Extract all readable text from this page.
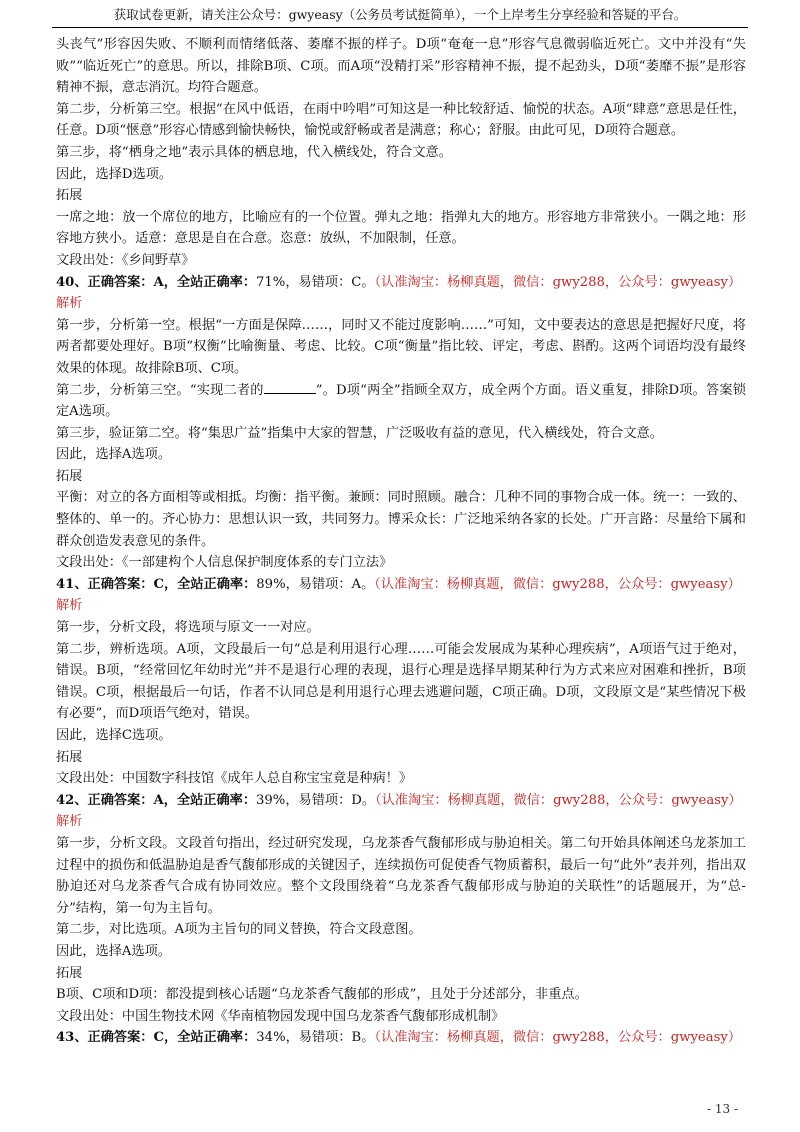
获取试卷更新，请关注公众号：gwyeasy（公务员考试挺简单），一个上岸考生分享经验和答疑的平台。

头丧气”形容因失败、不顺利而情绪低落、萎靡不振的样子。D项“奄奄一息”形容气息微弱临近死亡。文中并没有“失败”“临近死亡”的意思。所以，排除B项、C项。而A项“没精打采”形容精神不振，提不起劲头，D项“萎靡不振”是形容精神不振，意志消沉。均符合题意。

第二步，分析第三空。根据“在风中低语，在雨中吟唱”可知这是一种比较舒适、愉悦的状态。A项“肆意”意思是任性，任意。D项“惬意”形容心情感到愉快畅快，愉悦或舒畅或者是满意；称心；舒服。由此可见，D项符合题意。

第三步，将“栖身之地”表示具体的栖息地，代入横线处，符合文意。

因此，选择D选项。

拓展

一席之地：放一个席位的地方，比喻应有的一个位置。弹丸之地：指弹丸大的地方。形容地方非常狭小。一隅之地：形容地方狭小。适意：意思是自在合意。恣意：放纵，不加限制，任意。

文段出处：《乡间野草》

40、正确答案：A，全站正确率：71%，易错项：C。（认准淘宝：杨柳真题，微信：gwy288，公众号：gwyeasy）

解析

第一步，分析第一空。根据“一方面是保障……，同时又不能过度影响……”可知，文中要表达的意思是把握好尺度，将两者都要处理好。B项“权衡”比喻衡量、考虑、比较。C项“衡量”指比较、评定，考虑、斟酌。这两个词语均没有最终效果的体现。故排除B项、C项。

第二步，分析第三空。“实现二者的	”。D项“两全”指顾全双方，成全两个方面。语义重复，排除D项。答案锁定A选项。

第三步，验证第二空。将“集思广益”指集中大家的智慧，广泛吸收有益的意见，代入横线处，符合文意。

因此，选择A选项。

拓展

平衡：对立的各方面相等或相抵。均衡：指平衡。兼顾：同时照顾。融合：几种不同的事物合成一体。统一：一致的、整体的、单一的。齐心协力：思想认识一致，共同努力。博采众长：广泛地采纳各家的长处。广开言路：尽量给下属和群众创造发表意见的条件。

文段出处：《一部建构个人信息保护制度体系的专门立法》

41、正确答案：C，全站正确率：89%，易错项：A。（认准淘宝：杨柳真题，微信：gwy288，公众号：gwyeasy）

解析

第一步，分析文段，将选项与原文一一对应。

第二步，辨析选项。A项，文段最后一句“总是利用退行心理……可能会发展成为某种心理疾病”，A项语气过于绝对，错误。B项，“经常回忆年幼时光”并不是退行心理的表现，退行心理是选择早期某种行为方式来应对困难和挫折，B项错误。C项，根据最后一句话，作者不认同总是利用退行心理去逃避问题，C项正确。D项，文段原文是“某些情况下极有必要”，而D项语气绝对，错误。

因此，选择C选项。

拓展

文段出处：中国数字科技馆《成年人总自称宝宝竟是种病！》

42、正确答案：A，全站正确率：39%，易错项：D。（认准淘宝：杨柳真题，微信：gwy288，公众号：gwyeasy）

解析

第一步，分析文段。文段首句指出，经过研究发现，乌龙茶香气馥郁形成与胁迫相关。第二句开始具体阐述乌龙茶加工过程中的损伤和低温胁迫是香气馥郁形成的关键因子，连续损伤可促使香气物质蓄积，最后一句“此外”表并列，指出双胁迫还对乌龙茶香气合成有协同效应。整个文段围绕着“乌龙茶香气馥郁形成与胁迫的关联性”的话题展开，为“总-分”结构，第一句为主旨句。

第二步，对比选项。A项为主旨句的同义替换，符合文段意图。

因此，选择A选项。

拓展

B项、C项和D项：都没提到核心话题“乌龙茶香气馥郁的形成”，且处于分述部分，非重点。

文段出处：中国生物技术网《华南植物园发现中国乌龙茶香气馥郁形成机制》

43、正确答案：C，全站正确率：34%，易错项：B。（认准淘宝：杨柳真题，微信：gwy288，公众号：gwyeasy）

- 13 -
